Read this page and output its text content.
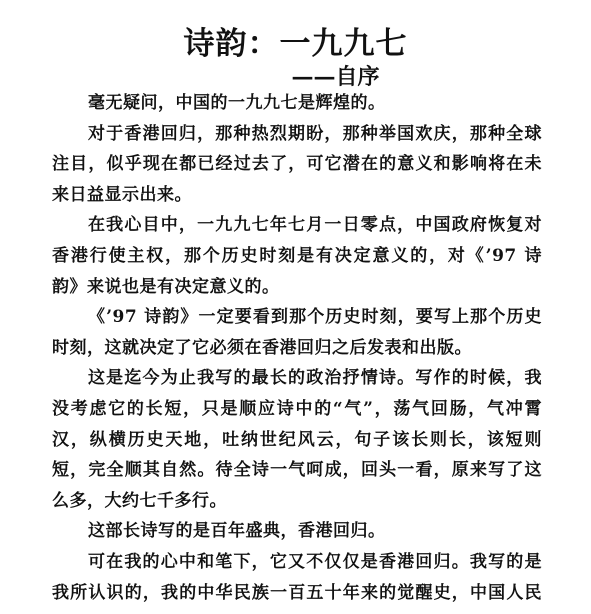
诗韵：一九九七
——自序
毫无疑问，中国的一九九七是辉煌的。
对于香港回归，那种热烈期盼，那种举国欢庆，那种全球
注目，似乎现在都已经过去了，可它潜在的意义和影响将在未
来日益显示出来。
在我心目中，一九九七年七月一日零点，中国政府恢复对
香港行使主权，那个历史时刻是有决定意义的，对《’97 诗
韵》来说也是有决定意义的。
《’97 诗韵》一定要看到那个历史时刻，要写上那个历史
时刻，这就决定了它必须在香港回归之后发表和出版。
这是迄今为止我写的最长的政治抒情诗。写作的时候，我
没考虑它的长短，只是顺应诗中的“气”，荡气回肠，气冲霄
汉，纵横历史天地，吐纳世纪风云，句子该长则长，该短则
短，完全顺其自然。待全诗一气呵成，回头一看，原来写了这
么多，大约七千多行。
这部长诗写的是百年盛典，香港回归。
可在我的心中和笔下，它又不仅仅是香港回归。我写的是
我所认识的，我的中华民族一百五十年来的觉醒史，中国人民
